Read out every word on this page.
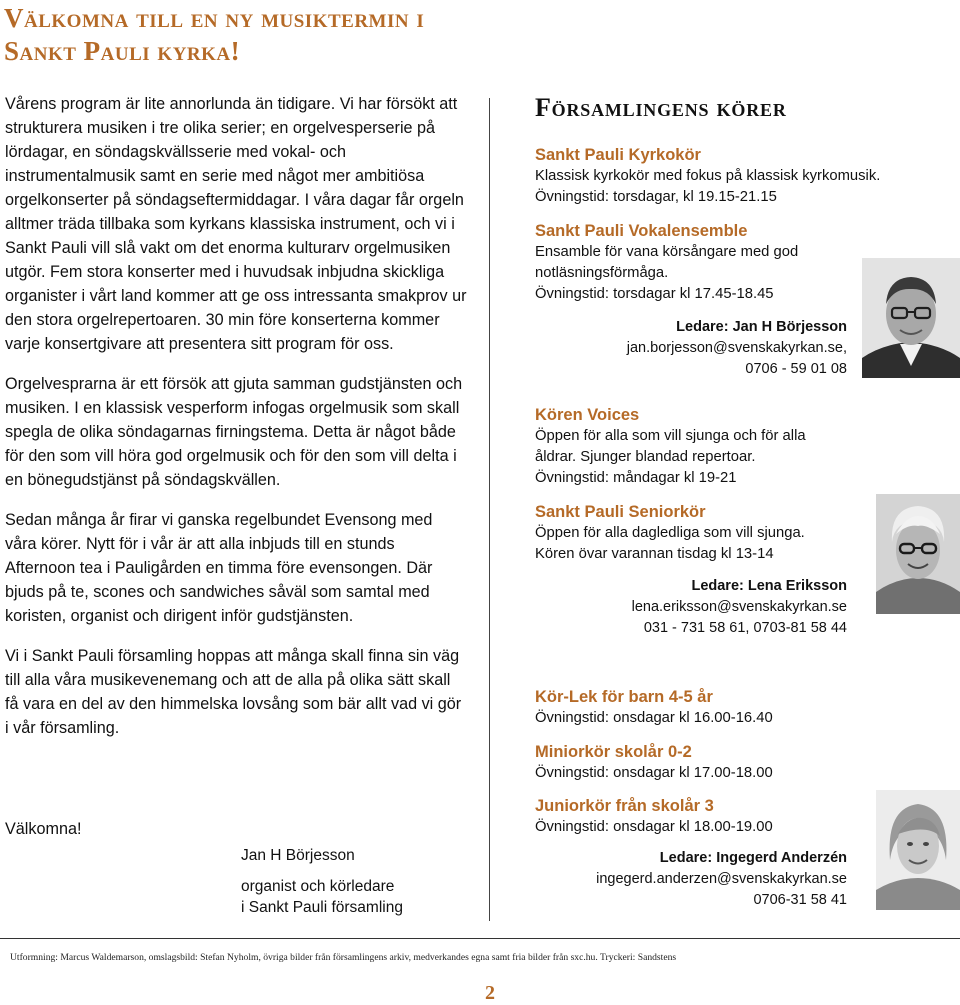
Välkomna till en ny musiktermin i Sankt Pauli kyrka!

Vårens program är lite annorlunda än tidigare. Vi har försökt att strukturera musiken i tre olika serier; en orgelvesperserie på lördagar, en söndagskvällsserie med vokal- och instrumentalmusik samt en serie med något mer ambitiösa orgelkonserter på söndagseftermiddagar. I våra dagar får orgeln alltmer träda tillbaka som kyrkans klassiska instrument, och vi i Sankt Pauli vill slå vakt om det enorma kulturarv orgelmusiken utgör. Fem stora konserter med i huvudsak inbjudna skickliga organister i vårt land kommer att ge oss intressanta smakprov ur den stora orgelrepertoaren. 30 min före konserterna kommer varje konsertgivare att presentera sitt program för oss.

Orgelvesprarna är ett försök att gjuta samman gudstjänsten och musiken. I en klassisk vesperform infogas orgelmusik som skall spegla de olika söndagarnas firningstema. Detta är något både för den som vill höra god orgelmusik och för den som vill delta i en bönegudstjänst på söndagskvällen.

Sedan många år firar vi ganska regelbundet Evensong med våra körer. Nytt för i vår är att alla inbjuds till en stunds Afternoon tea i Pauligården en timma före evensongen. Där bjuds på te, scones och sandwiches såväl som samtal med koristen, organist och dirigent inför gudstjänsten.

Vi i Sankt Pauli församling hoppas att många skall finna sin väg till alla våra musikevenemang och att de alla på olika sätt skall få vara en del av den himmelska lovsång som bär allt vad vi gör i vår församling.

Välkomna!
Jan H Börjesson
organist och körledare
i Sankt Pauli församling
Församlingens körer
Sankt Pauli Kyrkokör
Klassisk kyrkokör med fokus på klassisk kyrkomusik.
Övningstid: torsdagar, kl 19.15-21.15
Sankt Pauli Vokalensemble
Ensamble för vana körsångare med god
notläsningsförmåga.
Övningstid: torsdagar kl 17.45-18.45
Ledare: Jan H Börjesson
jan.borjesson@svenskakyrkan.se,
0706 - 59 01 08
Kören Voices
Öppen för alla som vill sjunga och för alla
åldrar. Sjunger blandad repertoar.
Övningstid: måndagar kl 19-21
Sankt Pauli Seniorkör
Öppen för alla dagledliga som vill sjunga.
Kören övar varannan tisdag kl 13-14
Ledare: Lena Eriksson
lena.eriksson@svenskakyrkan.se
031 - 731 58 61, 0703-81 58 44
Kör-Lek för barn 4-5 år
Övningstid: onsdagar kl 16.00-16.40
Miniorkör skolår 0-2
Övningstid: onsdagar kl 17.00-18.00
Juniorkör från skolår 3
Övningstid: onsdagar kl 18.00-19.00
Ledare: Ingegerd Anderzén
ingegerd.anderzen@svenskakyrkan.se
0706-31 58 41
Utformning: Marcus Waldemarson, omslagsbild: Stefan Nyholm, övriga bilder från församlingens arkiv, medverkandes egna samt fria bilder från sxc.hu. Tryckeri: Sandstens
2
